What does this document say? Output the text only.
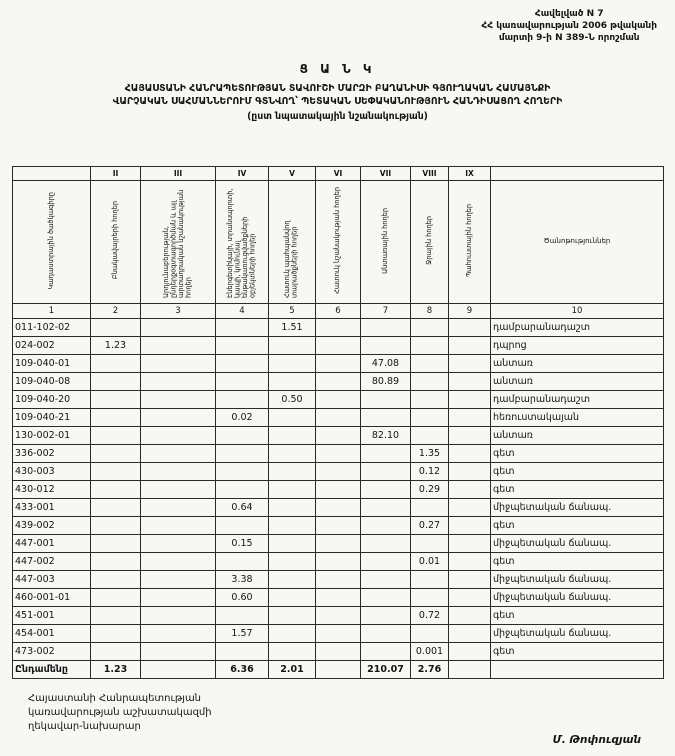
Հավելված N 7
ՀՀ կառավարության 2006 թվականի
մարտի 9-ի N 389-Ն որոշման
Ց Ա Ն Կ
ՀԱՅԱՍՏԱՆԻ ՀԱՆՐԱՊԵՏՈՒԹՅԱՆ ՏԱՎՈՒՇԻ ՄԱՐԶԻ ԲԱՂԱՆԻՍԻ ԳՅՈՒՂԱԿԱՆ ՀԱՄԱՅՆՔԻ
ՎԱՐՉԱԿԱՆ ՍԱՀՄԱՆՆԵՐՈՒՄ ԳՏՆՎՈՂ՝ ՊԵՏԱԿԱՆ ՍԵՓԱԿԱՆՈՒԹՅՈՒՆ ՀԱՆԴԻՍԱՑՈՂ ՀՈՂԵՐԻ
(ըստ նպատակային նշանակության)
	II	III	IV	V	VI	VII	VIII	IX	
Կադաստրային ծածկագիրը	Բնակավայրերի հողեր	Արդյունաբերության, ընդերքօգտագործման և այլ արտադրական նշանակության հողեր	Էներգետիկայի, տրանսպորտի, կապի, կոմունալ ենթակառուցվածքների օբյեկտների հողեր	Հատուկ պահպանվող տարածքների հողեր	Հատուկ նշանակության հողեր	Անտառային հողեր	Ջրային հողեր	Պահուստային հողեր	Ծանոթություններ

1	2	3	4	5	6	7	8	9	10
011-102-02				1.51					դամբարանադաշտ
024-002	1.23								դպրոց
109-040-01						47.08			անտառ
109-040-08						80.89			անտառ
109-040-20				0.50					դամբարանադաշտ
109-040-21			0.02						հեռուստակայան
130-002-01						82.10			անտառ
336-002							1.35		գետ
430-003							0.12		գետ
430-012							0.29		գետ
433-001			0.64						միջպետական ճանապ.
439-002							0.27		գետ
447-001			0.15						միջպետական ճանապ.
447-002							0.01		գետ
447-003			3.38						միջպետական ճանապ.
460-001-01			0.60						միջպետական ճանապ.
451-001							0.72		գետ
454-001			1.57						միջպետական ճանապ.
473-002							0.001		գետ
Ընդամենը	1.23		6.36	2.01		210.07	2.76		
Հայաստանի Հանրապետության
կառավարության աշխատակազմի
ղեկավար-նախարար
Մ. Թոփուզյան
